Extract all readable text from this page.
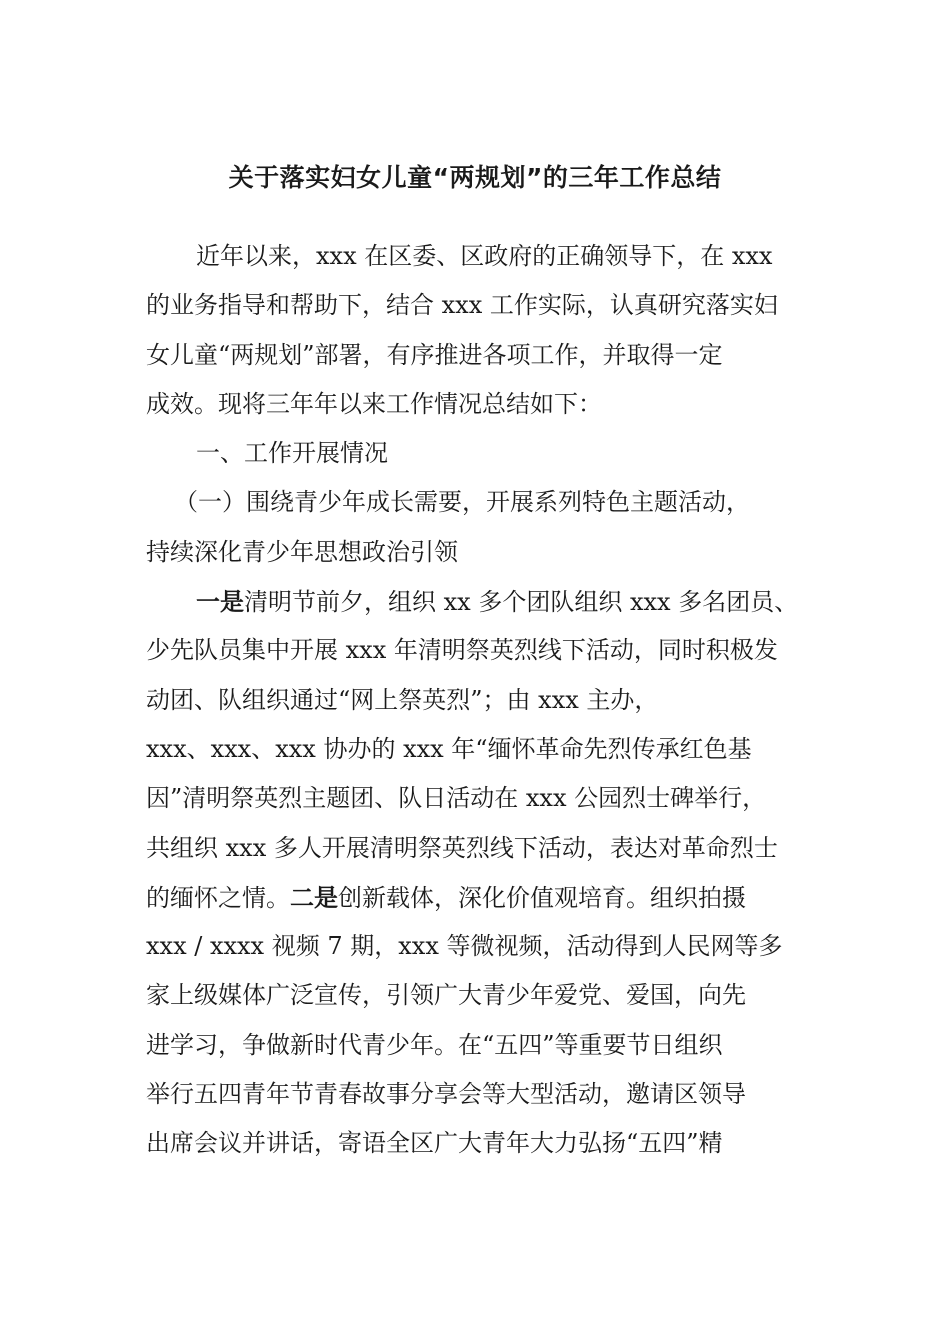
关于落实妇女儿童“两规划”的三年工作总结
近年以来，xxx 在区委、区政府的正确领导下，在 xxx
的业务指导和帮助下，结合 xxx 工作实际，认真研究落实妇
女儿童“两规划”部署，有序推进各项工作，并取得一定
成效。现将三年年以来工作情况总结如下：
一、工作开展情况
（一）围绕青少年成长需要，开展系列特色主题活动，
持续深化青少年思想政治引领
一是清明节前夕，组织 xx 多个团队组织 xxx 多名团员、
少先队员集中开展 xxx 年清明祭英烈线下活动，同时积极发
动团、队组织通过“网上祭英烈”；由 xxx 主办，
xxx、xxx、xxx 协办的 xxx 年“缅怀革命先烈传承红色基
因”清明祭英烈主题团、队日活动在 xxx 公园烈士碑举行，
共组织 xxx 多人开展清明祭英烈线下活动，表达对革命烈士
的缅怀之情。二是创新载体，深化价值观培育。组织拍摄
xxx / xxxx 视频 7 期，xxx 等微视频，活动得到人民网等多
家上级媒体广泛宣传，引领广大青少年爱党、爱国，向先
进学习，争做新时代青少年。在“五四”等重要节日组织
举行五四青年节青春故事分享会等大型活动，邀请区领导
出席会议并讲话，寄语全区广大青年大力弘扬“五四”精
